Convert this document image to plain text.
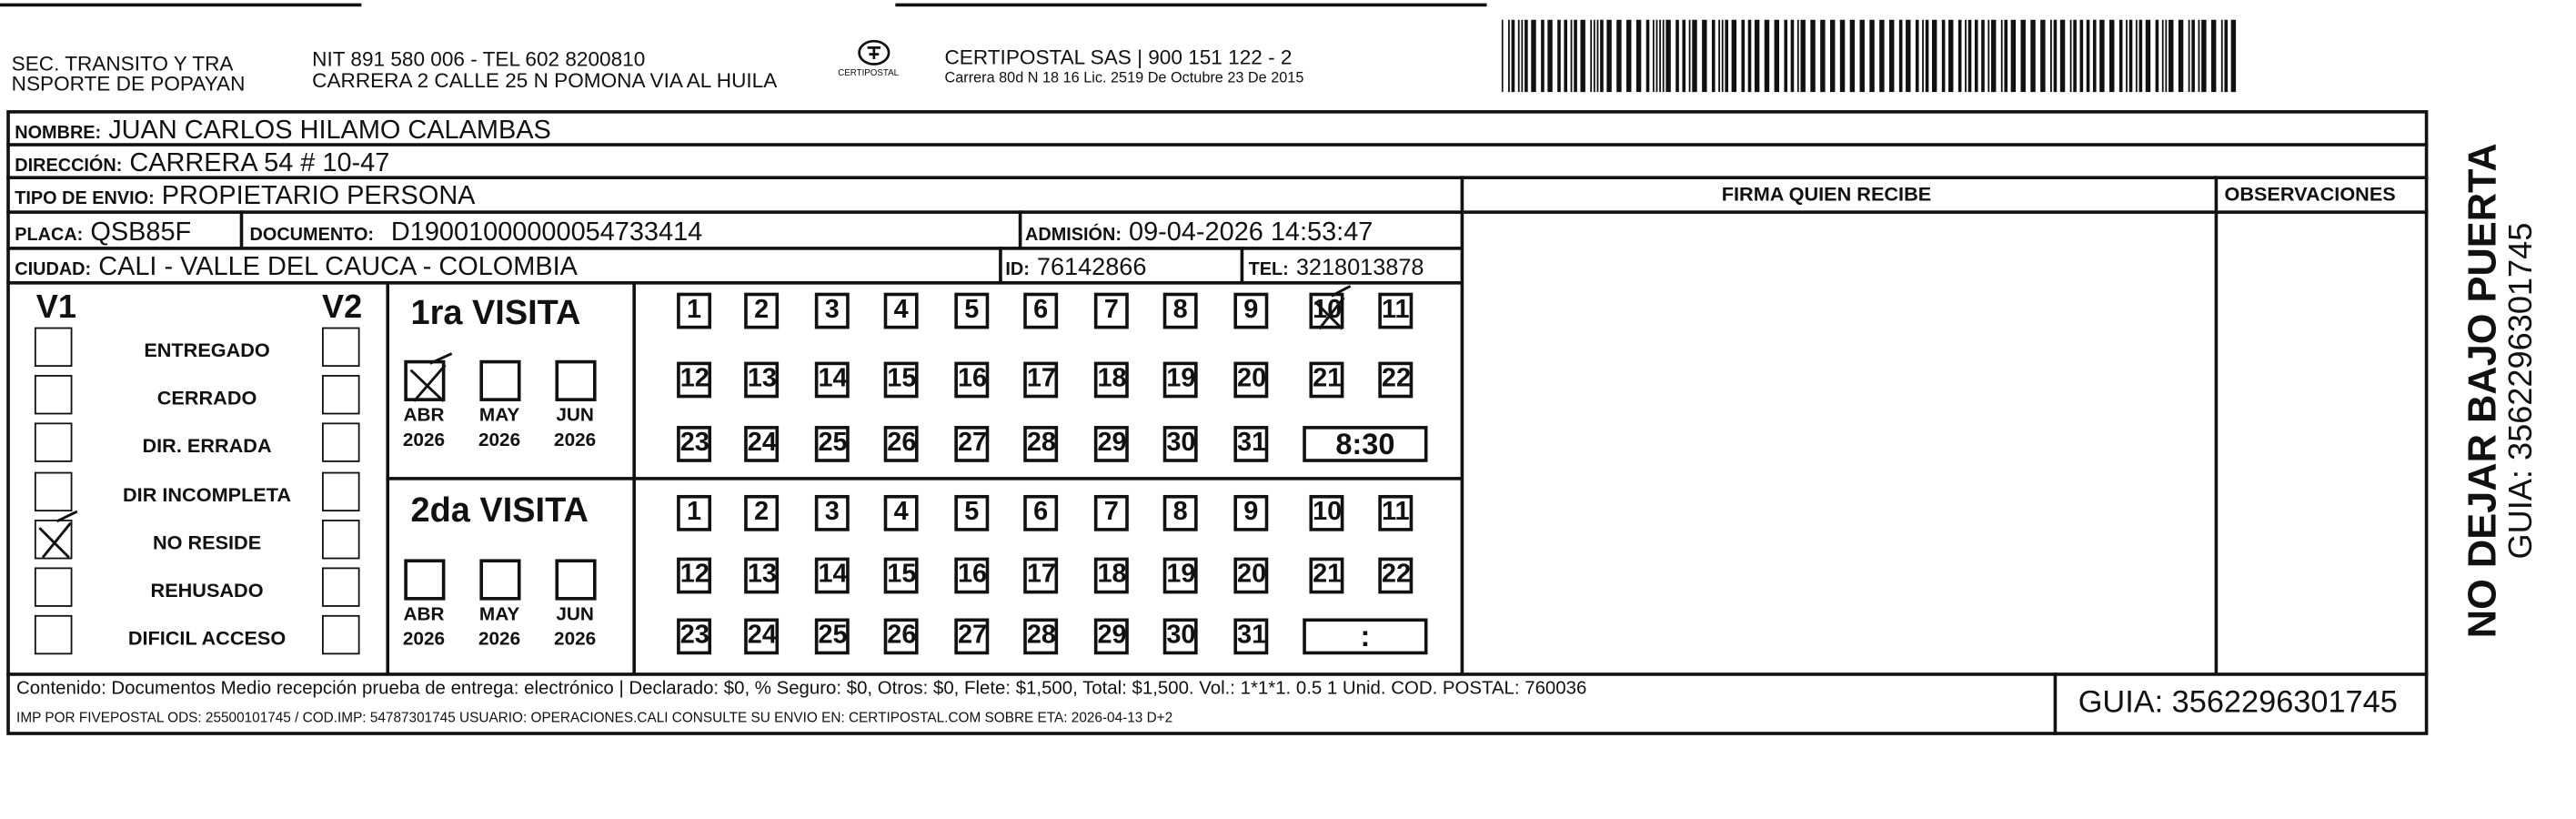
SEC. TRANSITO Y TRA
NSPORTE DE POPAYAN
NIT 891 580 006 - TEL 602 8200810
CARRERA 2 CALLE 25 N POMONA VIA AL HUILA	CERTIPOSTAL
CERTIPOSTAL SAS | 900 151 122 - 2
Carrera 80d N 18 16 Lic. 2519 De Octubre 23 De 2015
NOMBRE: JUAN CARLOS HILAMO CALAMBAS
DIRECCIÓN: CARRERA 54 # 10-47
TIPO DE ENVIO: PROPIETARIO PERSONA
PLACA: QSB85F	DOCUMENTO: D19001000000054733414	ADMISIÓN: 09-04-2026 14:53:47
CIUDAD: CALI - VALLE DEL CAUCA - COLOMBIA	ID: 76142866	TEL: 3218013878
FIRMA QUIEN RECIBE	OBSERVACIONES
V1	V2
ENTREGADO
CERRADO
DIR. ERRADA
DIR INCOMPLETA
NO RESIDE
REHUSADO
DIFICIL ACCESO
1ra VISITA
2da VISITA
ABR
2026
MAY
2026
JUN
2026
ABR
2026
MAY
2026
JUN
2026
1	2	3	4	5	6	7	8	9	10	11
12	13	14	15	16	17	18	19	20	21	22
23	24	25	26	27	28	29	30	31	8:30
1	2	3	4	5	6	7	8	9	10	11
12	13	14	15	16	17	18	19	20	21	22
23	24	25	26	27	28	29	30	31	:
Contenido: Documentos Medio recepción prueba de entrega: electrónico | Declarado: $0, % Seguro: $0, Otros: $0, Flete: $1,500, Total: $1,500. Vol.: 1*1*1. 0.5 1 Unid. COD. POSTAL: 760036
IMP POR FIVEPOSTAL ODS: 25500101745 / COD.IMP: 54787301745 USUARIO: OPERACIONES.CALI CONSULTE SU ENVIO EN: CERTIPOSTAL.COM SOBRE ETA: 2026-04-13 D+2	GUIA: 3562296301745
NO DEJAR BAJO PUERTA
GUIA: 3562296301745
